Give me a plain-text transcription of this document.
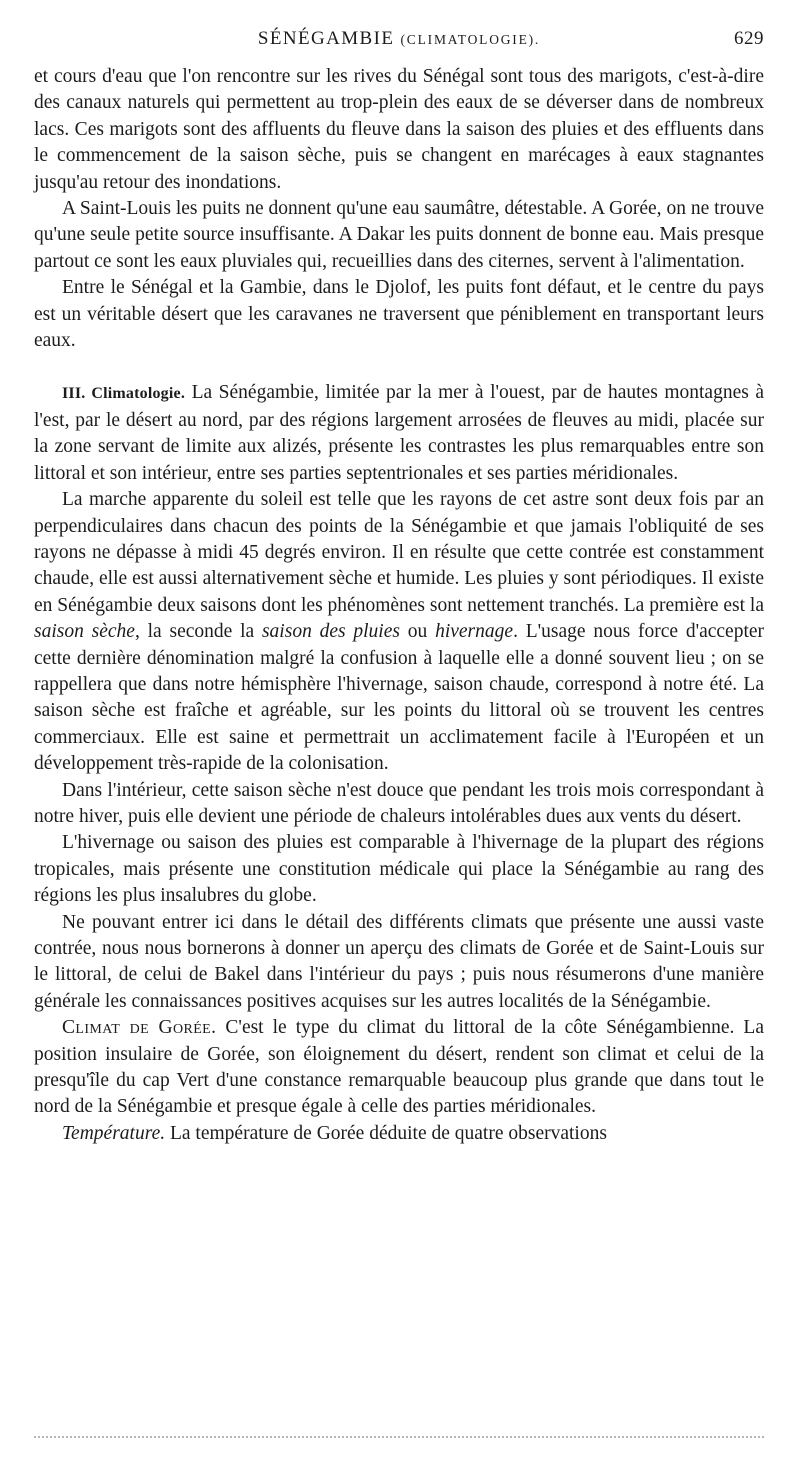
SÉNÉGAMBIE (CLIMATOLOGIE).	629

et cours d'eau que l'on rencontre sur les rives du Sénégal sont tous des marigots, c'est-à-dire des canaux naturels qui permettent au trop-plein des eaux de se déverser dans de nombreux lacs. Ces marigots sont des affluents du fleuve dans la saison des pluies et des effluents dans le commencement de la saison sèche, puis se changent en marécages à eaux stagnantes jusqu'au retour des inondations.

A Saint-Louis les puits ne donnent qu'une eau saumâtre, détestable. A Gorée, on ne trouve qu'une seule petite source insuffisante. A Dakar les puits donnent de bonne eau. Mais presque partout ce sont les eaux pluviales qui, recueillies dans des citernes, servent à l'alimentation.

Entre le Sénégal et la Gambie, dans le Djolof, les puits font défaut, et le centre du pays est un véritable désert que les caravanes ne traversent que péniblement en transportant leurs eaux.

III. Climatologie. La Sénégambie, limitée par la mer à l'ouest, par de hautes montagnes à l'est, par le désert au nord, par des régions largement arrosées de fleuves au midi, placée sur la zone servant de limite aux alizés, présente les contrastes les plus remarquables entre son littoral et son intérieur, entre ses parties septentrionales et ses parties méridionales.

La marche apparente du soleil est telle que les rayons de cet astre sont deux fois par an perpendiculaires dans chacun des points de la Sénégambie et que jamais l'obliquité de ses rayons ne dépasse à midi 45 degrés environ. Il en résulte que cette contrée est constamment chaude, elle est aussi alternativement sèche et humide. Les pluies y sont périodiques. Il existe en Sénégambie deux saisons dont les phénomènes sont nettement tranchés. La première est la saison sèche, la seconde la saison des pluies ou hivernage. L'usage nous force d'accepter cette dernière dénomination malgré la confusion à laquelle elle a donné souvent lieu ; on se rappellera que dans notre hémisphère l'hivernage, saison chaude, correspond à notre été. La saison sèche est fraîche et agréable, sur les points du littoral où se trouvent les centres commerciaux. Elle est saine et permettrait un acclimatement facile à l'Européen et un développement très-rapide de la colonisation.

Dans l'intérieur, cette saison sèche n'est douce que pendant les trois mois correspondant à notre hiver, puis elle devient une période de chaleurs intolérables dues aux vents du désert.

L'hivernage ou saison des pluies est comparable à l'hivernage de la plupart des régions tropicales, mais présente une constitution médicale qui place la Sénégambie au rang des régions les plus insalubres du globe.

Ne pouvant entrer ici dans le détail des différents climats que présente une aussi vaste contrée, nous nous bornerons à donner un aperçu des climats de Gorée et de Saint-Louis sur le littoral, de celui de Bakel dans l'intérieur du pays ; puis nous résumerons d'une manière générale les connaissances positives acquises sur les autres localités de la Sénégambie.

Climat de Gorée. C'est le type du climat du littoral de la côte Sénégambienne. La position insulaire de Gorée, son éloignement du désert, rendent son climat et celui de la presqu'île du cap Vert d'une constance remarquable beaucoup plus grande que dans tout le nord de la Sénégambie et presque égale à celle des parties méridionales.

Température. La température de Gorée déduite de quatre observations
